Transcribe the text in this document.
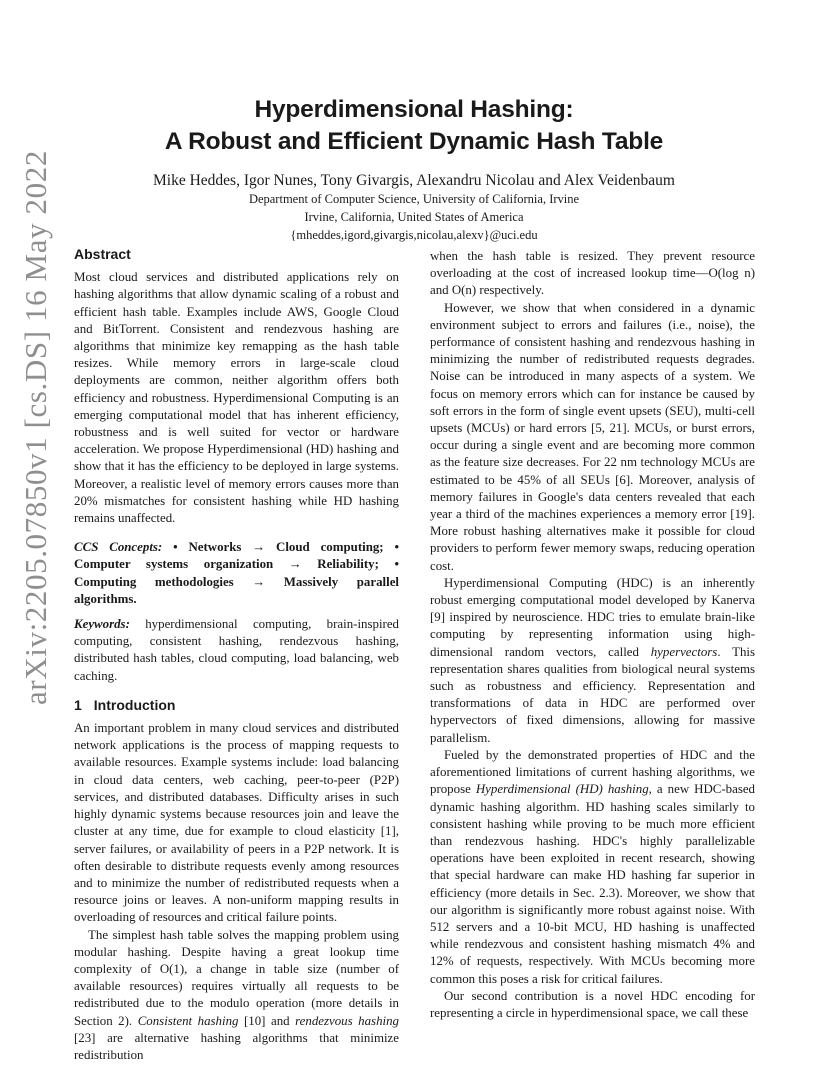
Hyperdimensional Hashing:
A Robust and Efficient Dynamic Hash Table
Mike Heddes, Igor Nunes, Tony Givargis, Alexandru Nicolau and Alex Veidenbaum
Department of Computer Science, University of California, Irvine
Irvine, California, United States of America
{mheddes,igord,givargis,nicolau,alexv}@uci.edu
arXiv:2205.07850v1 [cs.DS] 16 May 2022 Abstract

Most cloud services and distributed applications rely on hashing algorithms that allow dynamic scaling of a robust and efficient hash table. Examples include AWS, Google Cloud and BitTorrent. Consistent and rendezvous hashing are algorithms that minimize key remapping as the hash table resizes. While memory errors in large-scale cloud deployments are common, neither algorithm offers both efficiency and robustness. Hyperdimensional Computing is an emerging computational model that has inherent efficiency, robustness and is well suited for vector or hardware acceleration. We propose Hyperdimensional (HD) hashing and show that it has the efficiency to be deployed in large systems. Moreover, a realistic level of memory errors causes more than 20% mismatches for consistent hashing while HD hashing remains unaffected.

CCS Concepts: • Networks → Cloud computing; • Computer systems organization → Reliability; • Computing methodologies → Massively parallel algorithms.

Keywords: hyperdimensional computing, brain-inspired computing, consistent hashing, rendezvous hashing, distributed hash tables, cloud computing, load balancing, web caching.

1 Introduction

An important problem in many cloud services and distributed network applications is the process of mapping requests to available resources. Example systems include: load balancing in cloud data centers, web caching, peer-to-peer (P2P) services, and distributed databases. Difficulty arises in such highly dynamic systems because resources join and leave the cluster at any time, due for example to cloud elasticity [1], server failures, or availability of peers in a P2P network. It is often desirable to distribute requests evenly among resources and to minimize the number of redistributed requests when a resource joins or leaves. A non-uniform mapping results in overloading of resources and critical failure points.

The simplest hash table solves the mapping problem using modular hashing. Despite having a great lookup time complexity of O(1), a change in table size (number of available resources) requires virtually all requests to be redistributed due to the modulo operation (more details in Section 2). Consistent hashing [10] and rendezvous hashing [23] are alternative hashing algorithms that minimize redistribution

when the hash table is resized. They prevent resource overloading at the cost of increased lookup time—O(log n) and O(n) respectively.

However, we show that when considered in a dynamic environment subject to errors and failures (i.e., noise), the performance of consistent hashing and rendezvous hashing in minimizing the number of redistributed requests degrades. Noise can be introduced in many aspects of a system. We focus on memory errors which can for instance be caused by soft errors in the form of single event upsets (SEU), multi-cell upsets (MCUs) or hard errors [5, 21]. MCUs, or burst errors, occur during a single event and are becoming more common as the feature size decreases. For 22 nm technology MCUs are estimated to be 45% of all SEUs [6]. Moreover, analysis of memory failures in Google's data centers revealed that each year a third of the machines experiences a memory error [19]. More robust hashing alternatives make it possible for cloud providers to perform fewer memory swaps, reducing operation cost.

Hyperdimensional Computing (HDC) is an inherently robust emerging computational model developed by Kanerva [9] inspired by neuroscience. HDC tries to emulate brain-like computing by representing information using high-dimensional random vectors, called hypervectors. This representation shares qualities from biological neural systems such as robustness and efficiency. Representation and transformations of data in HDC are performed over hypervectors of fixed dimensions, allowing for massive parallelism.

Fueled by the demonstrated properties of HDC and the aforementioned limitations of current hashing algorithms, we propose Hyperdimensional (HD) hashing, a new HDC-based dynamic hashing algorithm. HD hashing scales similarly to consistent hashing while proving to be much more efficient than rendezvous hashing. HDC's highly parallelizable operations have been exploited in recent research, showing that special hardware can make HD hashing far superior in efficiency (more details in Sec. 2.3). Moreover, we show that our algorithm is significantly more robust against noise. With 512 servers and a 10-bit MCU, HD hashing is unaffected while rendezvous and consistent hashing mismatch 4% and 12% of requests, respectively. With MCUs becoming more common this poses a risk for critical failures.

Our second contribution is a novel HDC encoding for representing a circle in hyperdimensional space, we call these
